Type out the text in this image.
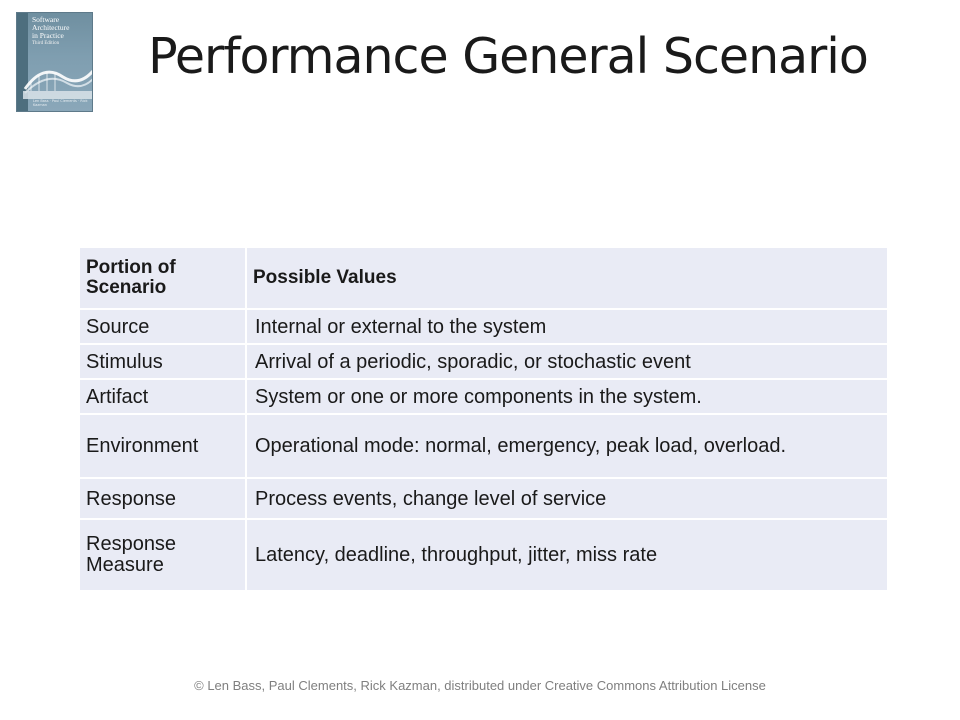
Software
Architecture
in Practice
Third Edition
Len Bass · Paul Clements · Rick Kazman
Performance General Scenario
Portion of Scenario	Possible Values
Source	Internal or external to the system
Stimulus	Arrival of a periodic, sporadic, or stochastic event
Artifact	System or one or more components in the system.
Environment	Operational mode: normal, emergency, peak load, overload.
Response	Process events, change level of service
Response Measure	Latency, deadline, throughput, jitter, miss rate
© Len Bass, Paul Clements, Rick Kazman, distributed under Creative Commons Attribution License
